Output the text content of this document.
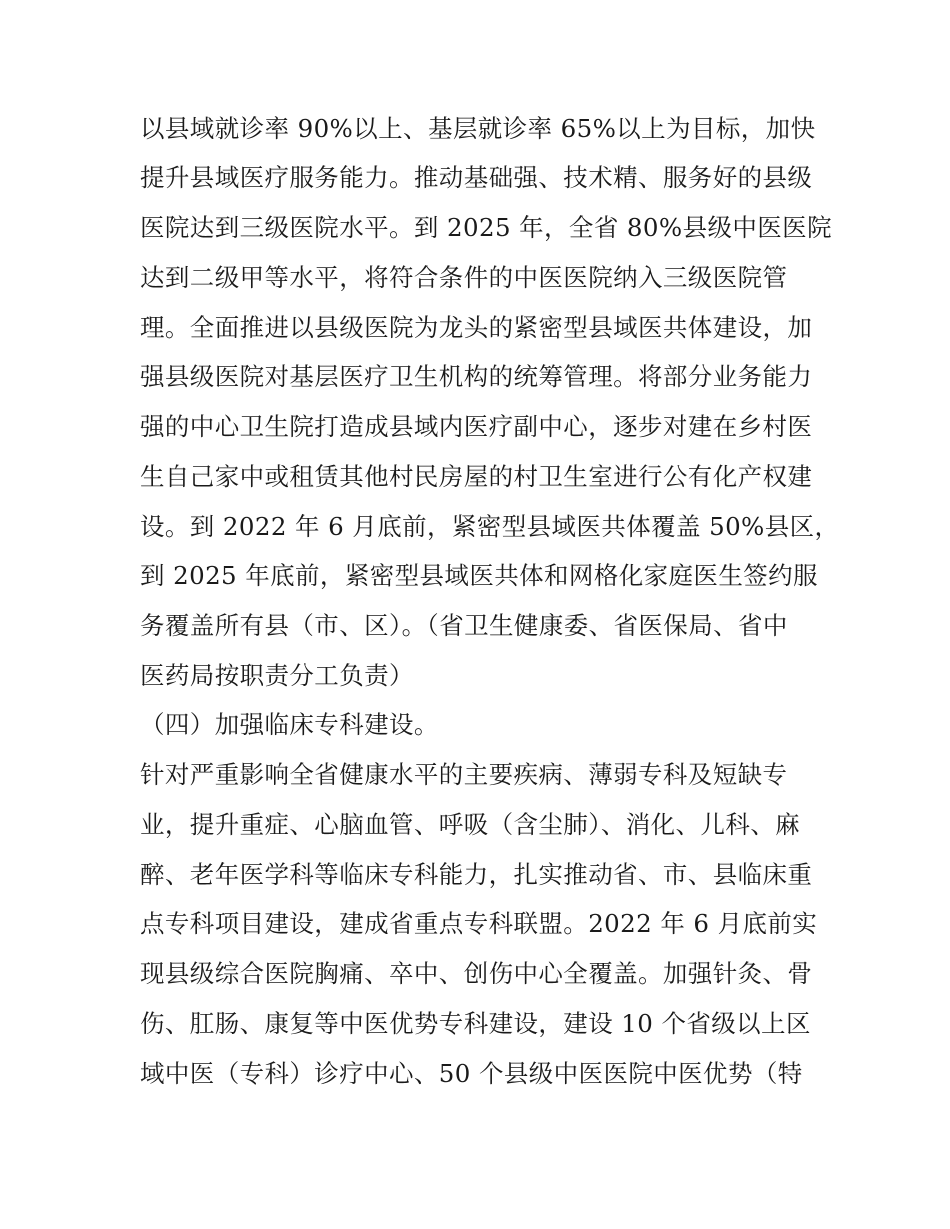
以县域就诊率 90%以上、基层就诊率 65%以上为目标，加快
提升县域医疗服务能力。推动基础强、技术精、服务好的县级
医院达到三级医院水平。到 2025 年，全省 80%县级中医医院
达到二级甲等水平，将符合条件的中医医院纳入三级医院管
理。全面推进以县级医院为龙头的紧密型县域医共体建设，加
强县级医院对基层医疗卫生机构的统筹管理。将部分业务能力
强的中心卫生院打造成县域内医疗副中心，逐步对建在乡村医
生自己家中或租赁其他村民房屋的村卫生室进行公有化产权建
设。到 2022 年 6 月底前，紧密型县域医共体覆盖 50%县区，
到 2025 年底前，紧密型县域医共体和网格化家庭医生签约服
务覆盖所有县（市、区）。（省卫生健康委、省医保局、省中
医药局按职责分工负责）
（四）加强临床专科建设。
针对严重影响全省健康水平的主要疾病、薄弱专科及短缺专
业，提升重症、心脑血管、呼吸（含尘肺）、消化、儿科、麻
醉、老年医学科等临床专科能力，扎实推动省、市、县临床重
点专科项目建设，建成省重点专科联盟。2022 年 6 月底前实
现县级综合医院胸痛、卒中、创伤中心全覆盖。加强针灸、骨
伤、肛肠、康复等中医优势专科建设，建设 10 个省级以上区
域中医（专科）诊疗中心、50 个县级中医医院中医优势（特
